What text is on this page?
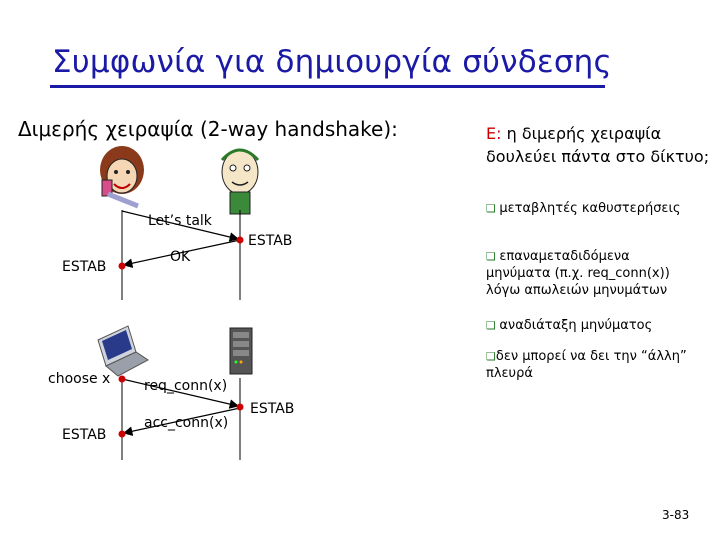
Συμφωνία για δημιουργία σύνδεσης
Διμερής χειραψία (2-way handshake):
Let’s talk
OK
ESTAB
ESTAB
choose x req_conn(x)
acc_conn(x)
ESTAB
ESTAB
Ε: η διμερής χειραψία δουλεύει πάντα στο δίκτυο;
❏ μεταβλητές καθυστερήσεις
❏ επαναμεταδιδόμενα μηνύματα (π.χ. req_conn(x)) λόγω απωλειών μηνυμάτων
❏ αναδιάταξη μηνύματος
❏δεν μπορεί να δει την “άλλη” πλευρά
3-83
